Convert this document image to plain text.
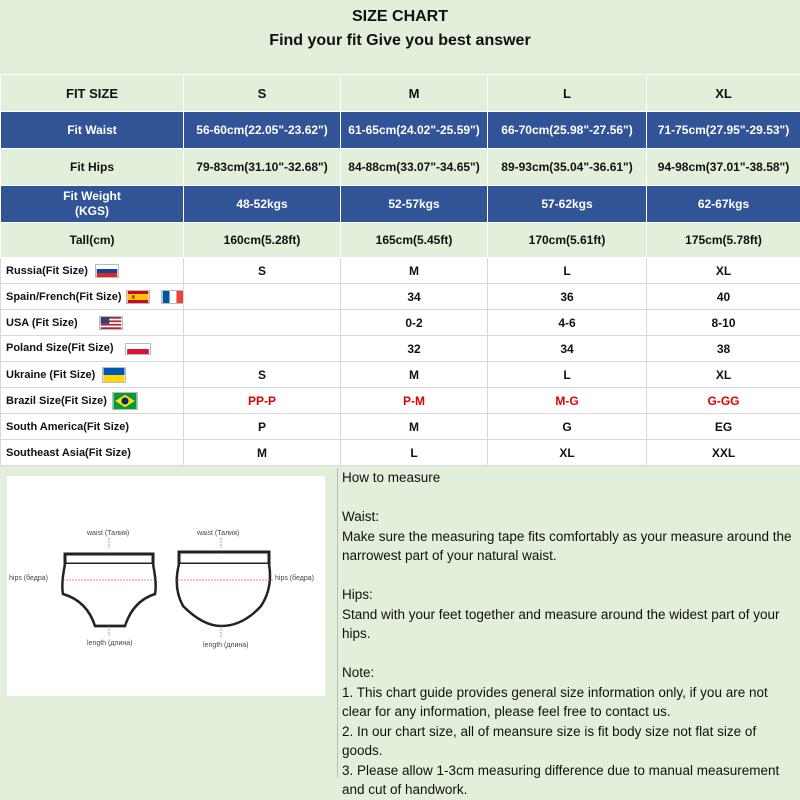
SIZE CHART
Find your fit Give you best answer
FIT SIZE	S	M	L	XL
Fit Waist	56-60cm(22.05"-23.62")	61-65cm(24.02"-25.59")	66-70cm(25.98"-27.56")	71-75cm(27.95"-29.53")
Fit Hips	79-83cm(31.10"-32.68")	84-88cm(33.07"-34.65")	89-93cm(35.04"-36.61")	94-98cm(37.01"-38.58")

Fit Weight
(KGS)	48-52kgs	52-57kgs	57-62kgs	62-67kgs
Tall(cm)	160cm(5.28ft)	165cm(5.45ft)	170cm(5.61ft)	175cm(5.78ft)
Russia(Fit Size)	S	M	L	XL
Spain/French(Fit Size)		34	36	40
USA (Fit Size)		0-2	4-6	8-10
Poland Size(Fit Size)		32	34	38
Ukraine (Fit Size)	S	M	L	XL
Brazil Size(Fit Size)	PP-P	P-M	M-G	G-GG
South America(Fit Size)	P	M	G	EG
Southeast Asia(Fit Size)	M	L	XL	XXL
waist (Талия)
hips (бедра)
length (длина)
waist (Талия)
hips (бедра)
length (длина)

How to measure

Waist:

Make sure the measuring tape fits comfortably as your measure around the narrowest part of your natural waist.

Hips:

Stand with your feet together and measure around the widest part of your hips.

Note:

1. This chart guide provides general size information only, if you are not clear for any information, please feel free to contact us.

2. In our chart size, all of meansure size is fit body size not flat size of goods.

3. Please allow 1-3cm measuring difference due to manual measurement and cut of handwork.
